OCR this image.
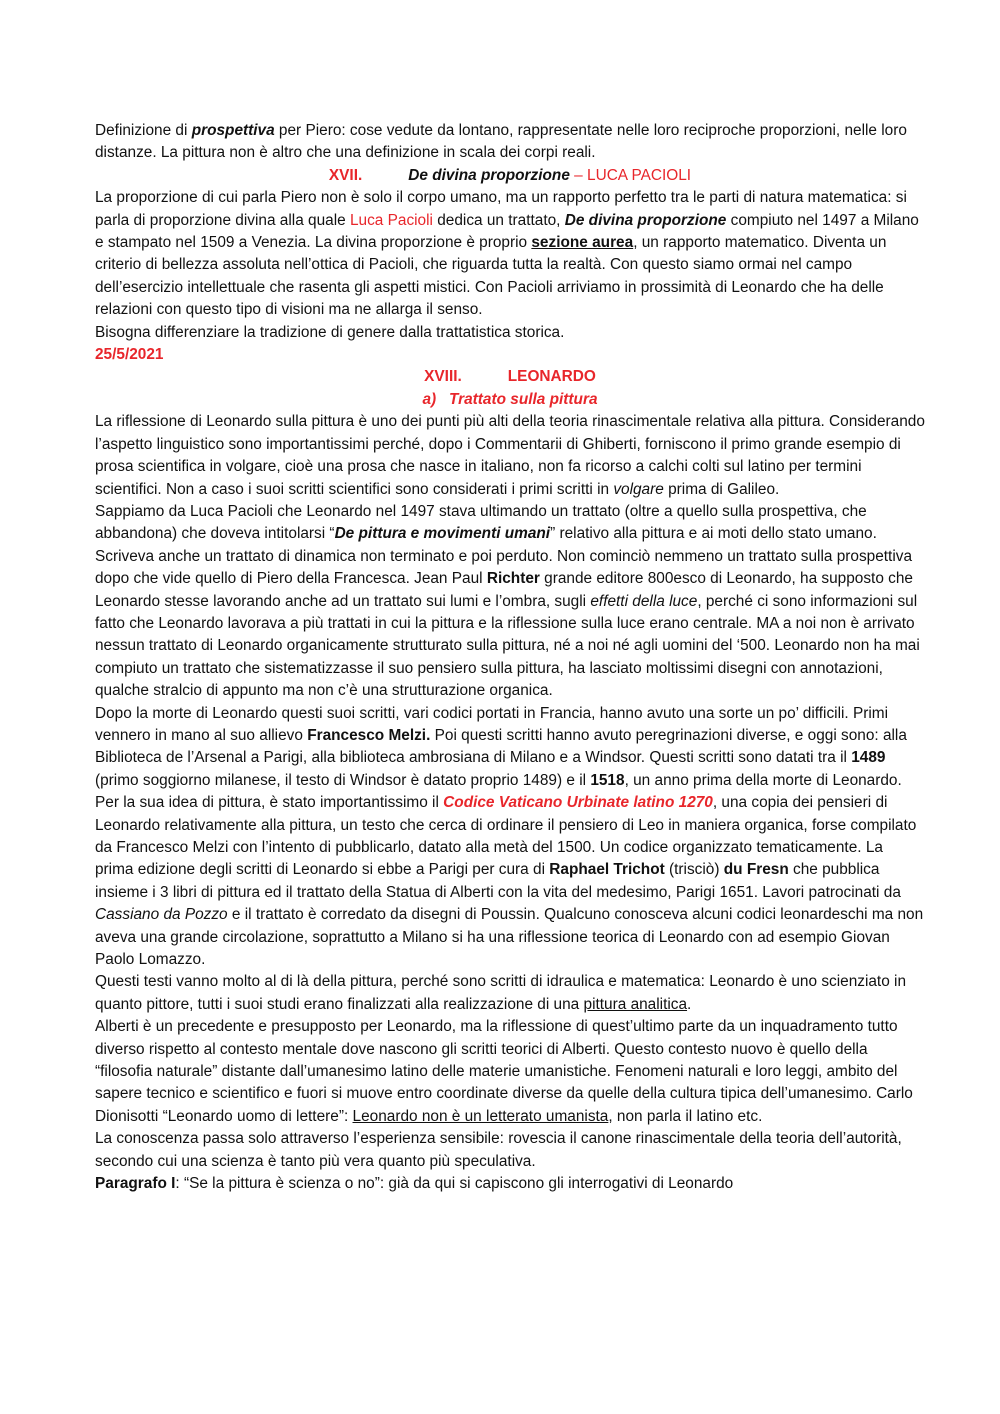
Definizione di prospettiva per Piero: cose vedute da lontano, rappresentate nelle loro reciproche proporzioni, nelle loro distanze. La pittura non è altro che una definizione in scala dei corpi reali.

XVII.	De divina proporzione – LUCA PACIOLI

La proporzione di cui parla Piero non è solo il corpo umano, ma un rapporto perfetto tra le parti di natura matematica: si parla di proporzione divina alla quale Luca Pacioli dedica un trattato, De divina proporzione compiuto nel 1497 a Milano e stampato nel 1509 a Venezia. La divina proporzione è proprio sezione aurea, un rapporto matematico. Diventa un criterio di bellezza assoluta nell’ottica di Pacioli, che riguarda tutta la realtà. Con questo siamo ormai nel campo dell’esercizio intellettuale che rasenta gli aspetti mistici. Con Pacioli arriviamo in prossimità di Leonardo che ha delle relazioni con questo tipo di visioni ma ne allarga il senso.

Bisogna differenziare la tradizione di genere dalla trattatistica storica.

25/5/2021

XVIII.	LEONARDO

a) Trattato sulla pittura

La riflessione di Leonardo sulla pittura è uno dei punti più alti della teoria rinascimentale relativa alla pittura. Considerando l’aspetto linguistico sono importantissimi perché, dopo i Commentarii di Ghiberti, forniscono il primo grande esempio di prosa scientifica in volgare, cioè una prosa che nasce in italiano, non fa ricorso a calchi colti sul latino per termini scientifici. Non a caso i suoi scritti scientifici sono considerati i primi scritti in volgare prima di Galileo.

Sappiamo da Luca Pacioli che Leonardo nel 1497 stava ultimando un trattato (oltre a quello sulla prospettiva, che abbandona) che doveva intitolarsi “De pittura e movimenti umani” relativo alla pittura e ai moti dello stato umano. Scriveva anche un trattato di dinamica non terminato e poi perduto. Non cominciò nemmeno un trattato sulla prospettiva dopo che vide quello di Piero della Francesca. Jean Paul Richter grande editore 800esco di Leonardo, ha supposto che Leonardo stesse lavorando anche ad un trattato sui lumi e l’ombra, sugli effetti della luce, perché ci sono informazioni sul fatto che Leonardo lavorava a più trattati in cui la pittura e la riflessione sulla luce erano centrale. MA a noi non è arrivato nessun trattato di Leonardo organicamente strutturato sulla pittura, né a noi né agli uomini del ‘500. Leonardo non ha mai compiuto un trattato che sistematizzasse il suo pensiero sulla pittura, ha lasciato moltissimi disegni con annotazioni, qualche stralcio di appunto ma non c’è una strutturazione organica.

Dopo la morte di Leonardo questi suoi scritti, vari codici portati in Francia, hanno avuto una sorte un po’ difficili. Primi vennero in mano al suo allievo Francesco Melzi. Poi questi scritti hanno avuto peregrinazioni diverse, e oggi sono: alla Biblioteca de l’Arsenal a Parigi, alla biblioteca ambrosiana di Milano e a Windsor. Questi scritti sono datati tra il 1489 (primo soggiorno milanese, il testo di Windsor è datato proprio 1489) e il 1518, un anno prima della morte di Leonardo.

Per la sua idea di pittura, è stato importantissimo il Codice Vaticano Urbinate latino 1270, una copia dei pensieri di Leonardo relativamente alla pittura, un testo che cerca di ordinare il pensiero di Leo in maniera organica, forse compilato da Francesco Melzi con l’intento di pubblicarlo, datato alla metà del 1500. Un codice organizzato tematicamente. La prima edizione degli scritti di Leonardo si ebbe a Parigi per cura di Raphael Trichot (trisciò) du Fresn che pubblica insieme i 3 libri di pittura ed il trattato della Statua di Alberti con la vita del medesimo, Parigi 1651. Lavori patrocinati da Cassiano da Pozzo e il trattato è corredato da disegni di Poussin. Qualcuno conosceva alcuni codici leonardeschi ma non aveva una grande circolazione, soprattutto a Milano si ha una riflessione teorica di Leonardo con ad esempio Giovan Paolo Lomazzo.

Questi testi vanno molto al di là della pittura, perché sono scritti di idraulica e matematica: Leonardo è uno scienziato in quanto pittore, tutti i suoi studi erano finalizzati alla realizzazione di una pittura analitica.

Alberti è un precedente e presupposto per Leonardo, ma la riflessione di quest’ultimo parte da un inquadramento tutto diverso rispetto al contesto mentale dove nascono gli scritti teorici di Alberti. Questo contesto nuovo è quello della “filosofia naturale” distante dall’umanesimo latino delle materie umanistiche. Fenomeni naturali e loro leggi, ambito del sapere tecnico e scientifico e fuori si muove entro coordinate diverse da quelle della cultura tipica dell’umanesimo. Carlo Dionisotti “Leonardo uomo di lettere”: Leonardo non è un letterato umanista, non parla il latino etc.

La conoscenza passa solo attraverso l’esperienza sensibile: rovescia il canone rinascimentale della teoria dell’autorità, secondo cui una scienza è tanto più vera quanto più speculativa.

Paragrafo I: “Se la pittura è scienza o no”: già da qui si capiscono gli interrogativi di Leonardo
